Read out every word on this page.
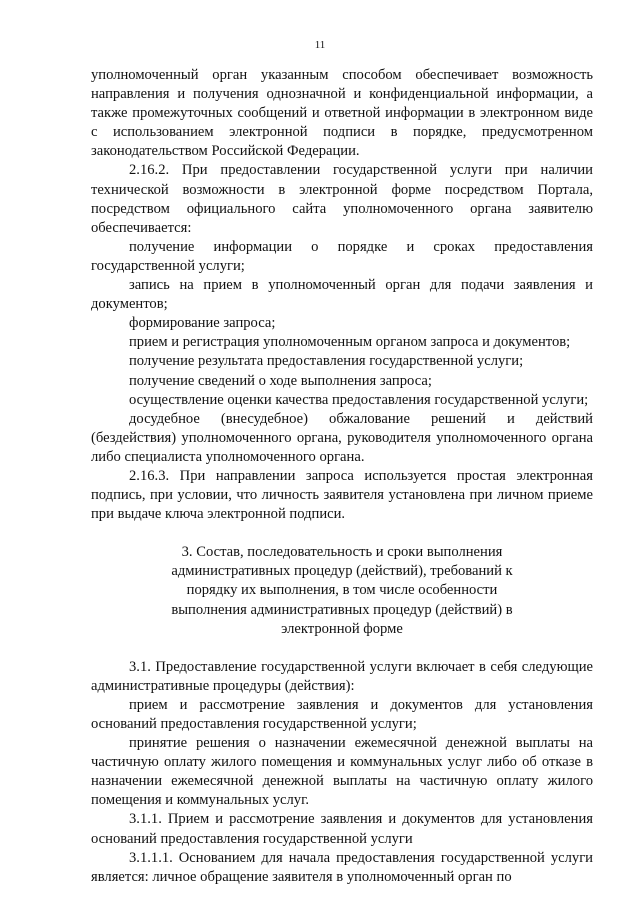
11

уполномоченный орган указанным способом обеспечивает возможность направления и получения однозначной и конфиденциальной информации, а также промежуточных сообщений и ответной информации в электронном виде с использованием электронной подписи в порядке, предусмотренном законодательством Российской Федерации.

2.16.2. При предоставлении государственной услуги при наличии технической возможности в электронной форме посредством Портала, посредством официального сайта уполномоченного органа заявителю обеспечивается:

получение информации о порядке и сроках предоставления государственной услуги;

запись на прием в уполномоченный орган для подачи заявления и документов;

формирование запроса;

прием и регистрация уполномоченным органом запроса и документов;

получение результата предоставления государственной услуги;

получение сведений о ходе выполнения запроса;

осуществление оценки качества предоставления государственной услуги;

досудебное (внесудебное) обжалование решений и действий (бездействия) уполномоченного органа, руководителя уполномоченного органа либо специалиста уполномоченного органа.

2.16.3. При направлении запроса используется простая электронная подпись, при условии, что личность заявителя установлена при личном приеме при выдаче ключа электронной подписи.

3. Состав, последовательность и сроки выполнения
административных процедур (действий), требований к
порядку их выполнения, в том числе особенности
выполнения административных процедур (действий) в
электронной форме

3.1. Предоставление государственной услуги включает в себя следующие административные процедуры (действия):

прием и рассмотрение заявления и документов для установления оснований предоставления государственной услуги;

принятие решения о назначении ежемесячной денежной выплаты на частичную оплату жилого помещения и коммунальных услуг либо об отказе в назначении ежемесячной денежной выплаты на частичную оплату жилого помещения и коммунальных услуг.

3.1.1. Прием и рассмотрение заявления и документов для установления оснований предоставления государственной услуги

3.1.1.1. Основанием для начала предоставления государственной услуги является: личное обращение заявителя в уполномоченный орган по
